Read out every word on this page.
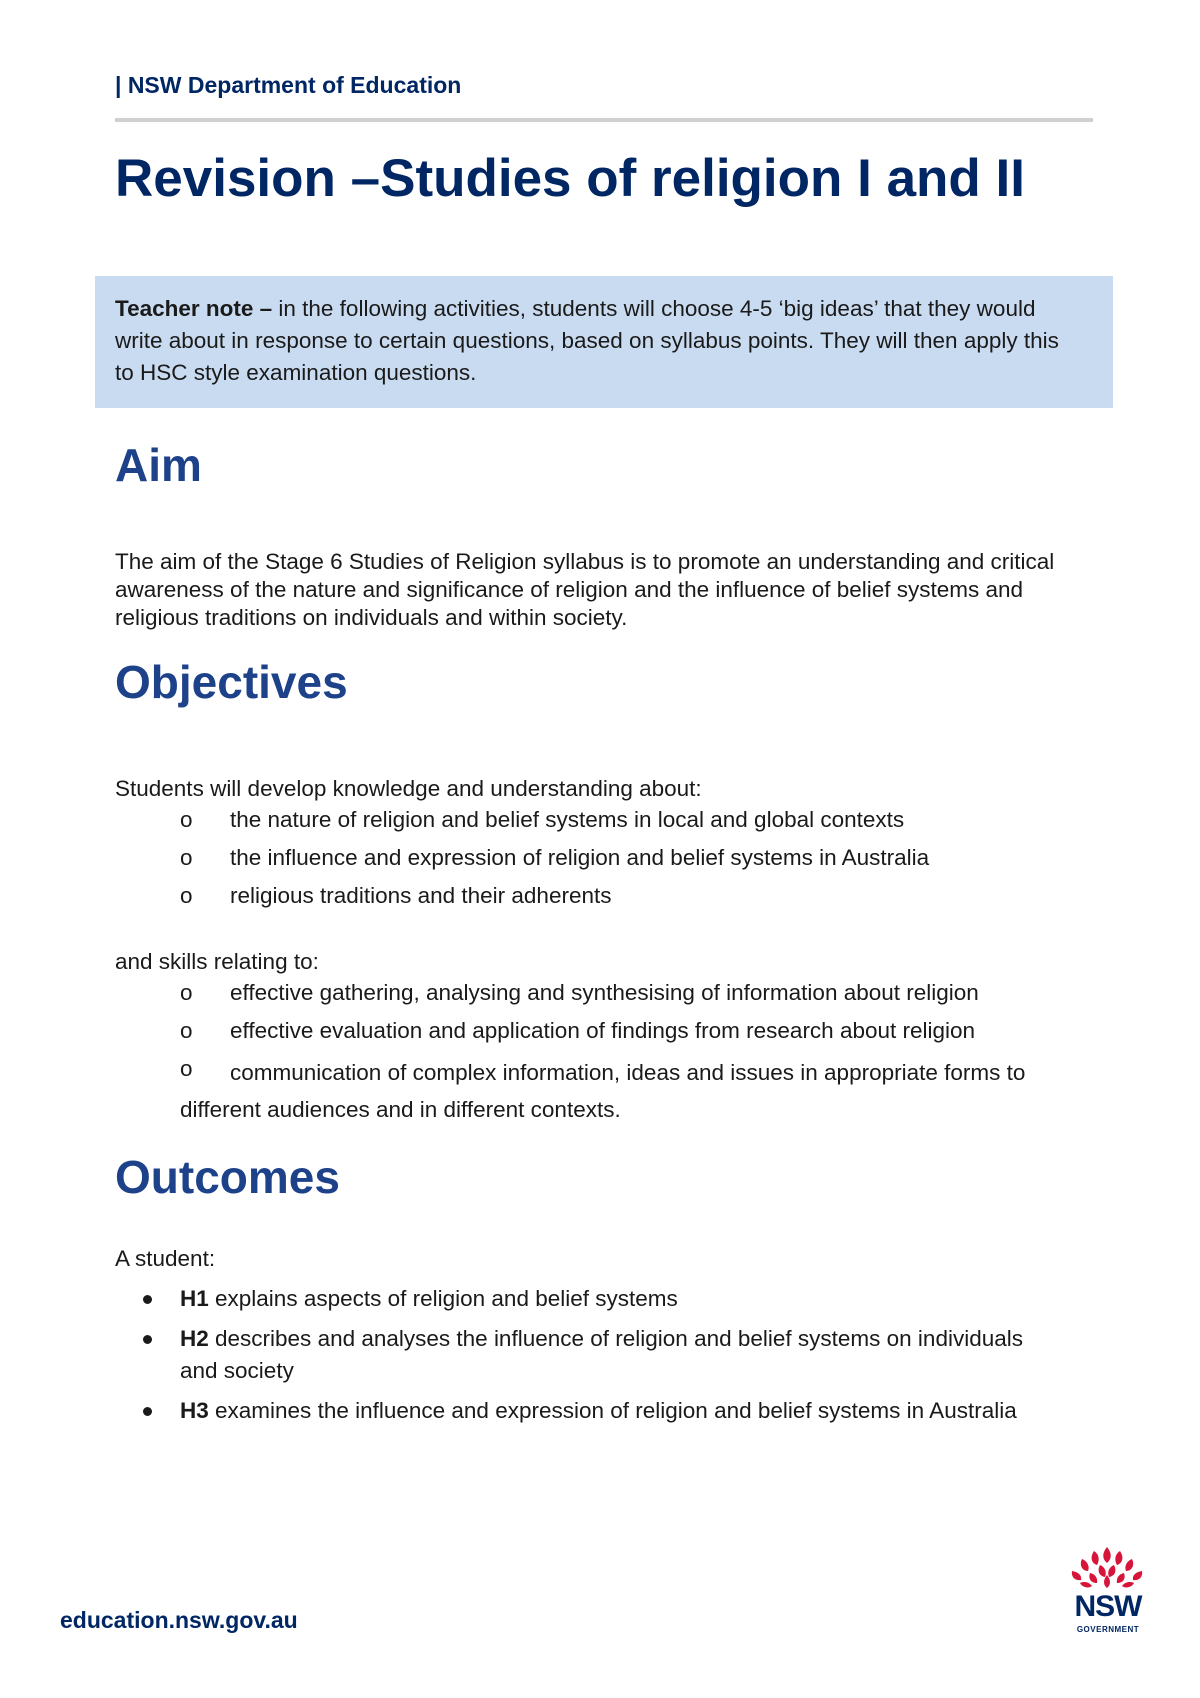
| NSW Department of Education
Revision –Studies of religion I and II

Teacher note – in the following activities, students will choose 4-5 ‘big ideas’ that they would write about in response to certain questions, based on syllabus points. They will then apply this to HSC style examination questions.

Aim

The aim of the Stage 6 Studies of Religion syllabus is to promote an understanding and critical awareness of the nature and significance of religion and the influence of belief systems and religious traditions on individuals and within society.

Objectives

Students will develop knowledge and understanding about:

o	the nature of religion and belief systems in local and global contexts
o	the influence and expression of religion and belief systems in Australia
o	religious traditions and their adherents

and skills relating to:

o	effective gathering, analysing and synthesising of information about religion
o	effective evaluation and application of findings from research about religion
o	communication of complex information, ideas and issues in appropriate forms to different audiences and in different contexts.
Outcomes

A student:

H1 explains aspects of religion and belief systems
H2 describes and analyses the influence of religion and belief systems on individuals and society
H3 examines the influence and expression of religion and belief systems in Australia
education.nsw.gov.au	NSW
GOVERNMENT
